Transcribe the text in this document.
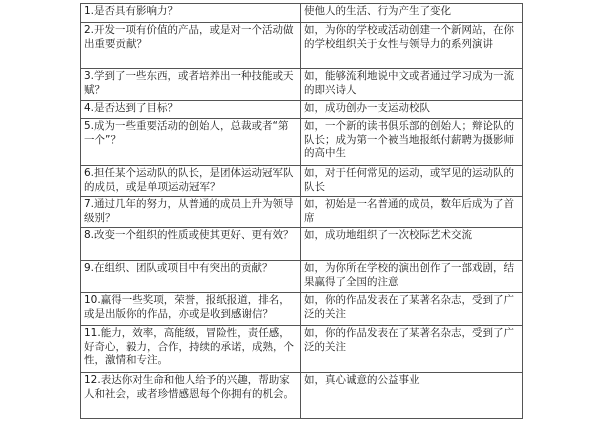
1.是否具有影响力？	使他人的生活、行为产生了变化
2.开发一项有价值的产品，或是对一个活动做出重要贡献？	如，为你的学校或活动创建一个新网站，在你的学校组织关于女性与领导力的系列演讲
3.学到了一些东西，或者培养出一种技能或天赋？	如，能够流利地说中文或者通过学习成为一流的即兴诗人
4.是否达到了目标？	如，成功创办一支运动校队
5.成为一些重要活动的创始人，总裁或者“第一个”？	如，一个新的读书俱乐部的创始人；辩论队的队长；成为第一个被当地报纸付薪聘为摄影师的高中生
6.担任某个运动队的队长，是团体运动冠军队的成员，或是单项运动冠军？	如，对于任何常见的运动，或罕见的运动队的队长
7.通过几年的努力，从普通的成员上升为领导级别？	如，初始是一名普通的成员，数年后成为了首席
8.改变一个组织的性质或使其更好、更有效？	如，成功地组织了一次校际艺术交流
9.在组织、团队或项目中有突出的贡献？	如，为你所在学校的演出创作了一部戏剧，结果赢得了全国的注意
10.赢得一些奖项，荣誉，报纸报道，排名，或是出版你的作品，亦或是收到感谢信？	如，你的作品发表在了某著名杂志，受到了广泛的关注
11.能力，效率，高能级，冒险性，责任感，好奇心，毅力，合作，持续的承诺，成熟，个性，激情和专注。	如，你的作品发表在了某著名杂志，受到了广泛的关注
12.表达你对生命和他人给予的兴趣，帮助家人和社会，或者珍惜感恩每个你拥有的机会。	如，真心诚意的公益事业
